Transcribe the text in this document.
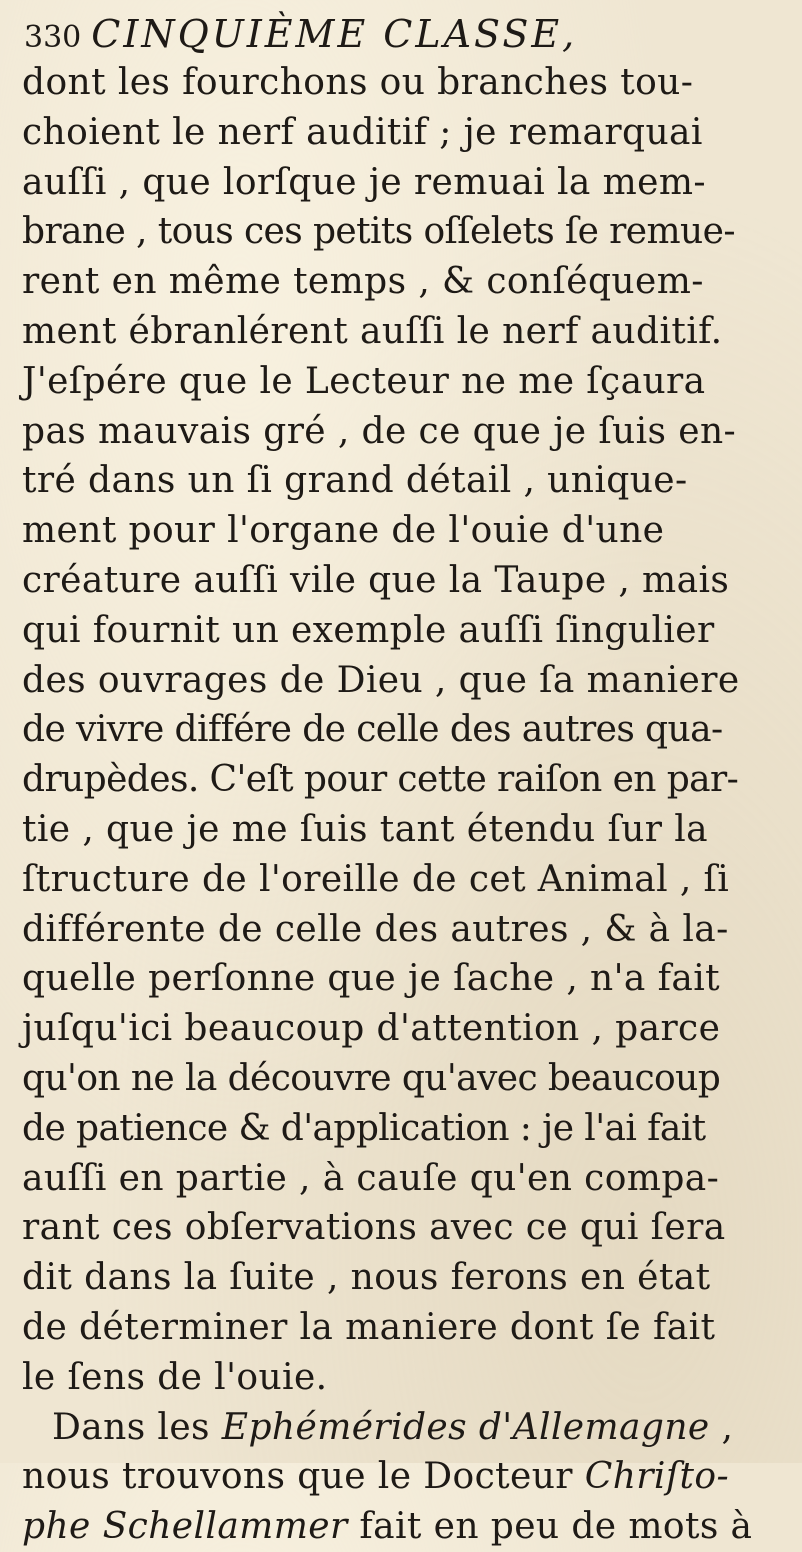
330 CINQUIÈME CLASSE,
dont les fourchons ou branches tou-
choient le nerf auditif ; je remarquai
auſſi , que lorſque je remuai la mem-
brane , tous ces petits oſſelets ſe remue-
rent en même temps , & conſéquem-
ment ébranlérent auſſi le nerf auditif.
J'eſpére que le Lecteur ne me ſçaura
pas mauvais gré , de ce que je ſuis en-
tré dans un ſi grand détail , unique-
ment pour l'organe de l'ouie d'une
créature auſſi vile que la Taupe , mais
qui fournit un exemple auſſi ſingulier
des ouvrages de Dieu , que ſa maniere
de vivre différe de celle des autres qua-
drupèdes. C'eſt pour cette raiſon en par-
tie , que je me ſuis tant étendu ſur la
ſtructure de l'oreille de cet Animal , ſi
différente de celle des autres , & à la-
quelle perſonne que je ſache , n'a fait
juſqu'ici beaucoup d'attention , parce
qu'on ne la découvre qu'avec beaucoup
de patience & d'application : je l'ai fait
auſſi en partie , à cauſe qu'en compa-
rant ces obſervations avec ce qui ſera
dit dans la ſuite , nous ferons en état
de déterminer la maniere dont ſe fait
le ſens de l'ouie.
Dans les Ephémérides d'Allemagne ,
nous trouvons que le Docteur Chriſto-
phe Schellammer fait en peu de mots à
